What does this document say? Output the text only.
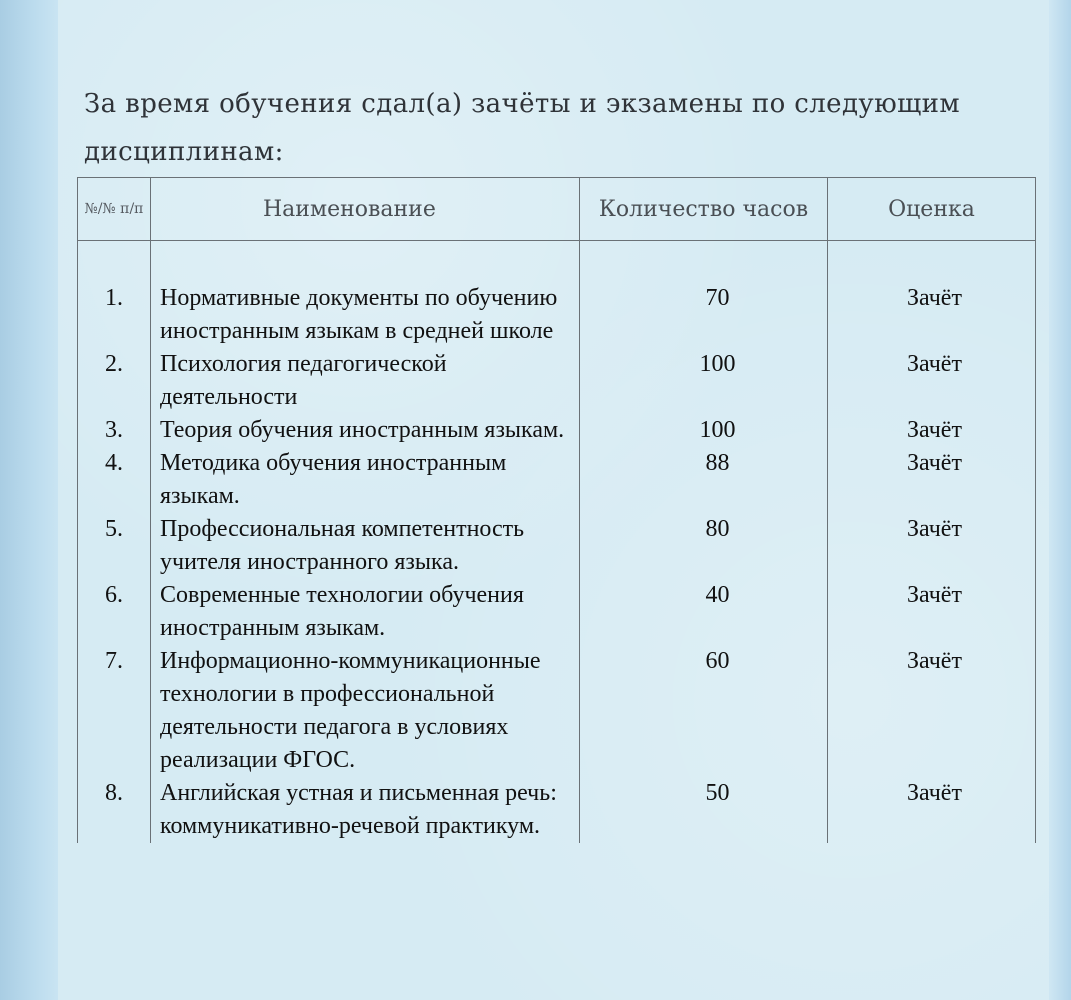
За время обучения сдал(а) зачёты и экзамены по следующим дисциплинам:

№/№ п/п	Наименование	Количество часов	Оценка
1.	Нормативные документы по обучению иностранным языкам в средней школе	70	Зачёт
2.	Психология педагогической деятельности	100	Зачёт
3.	Теория обучения иностранным языкам.	100	Зачёт
4.	Методика обучения иностранным языкам.	88	Зачёт
5.	Профессиональная компетентность учителя иностранного языка.	80	Зачёт
6.	Современные технологии обучения иностранным языкам.	40	Зачёт
7.	Информационно-коммуникационные технологии в профессиональной деятельности педагога в условиях реализации ФГОС.	60	Зачёт
8.	Английская устная и письменная речь: коммуникативно-речевой практикум.	50	Зачёт
